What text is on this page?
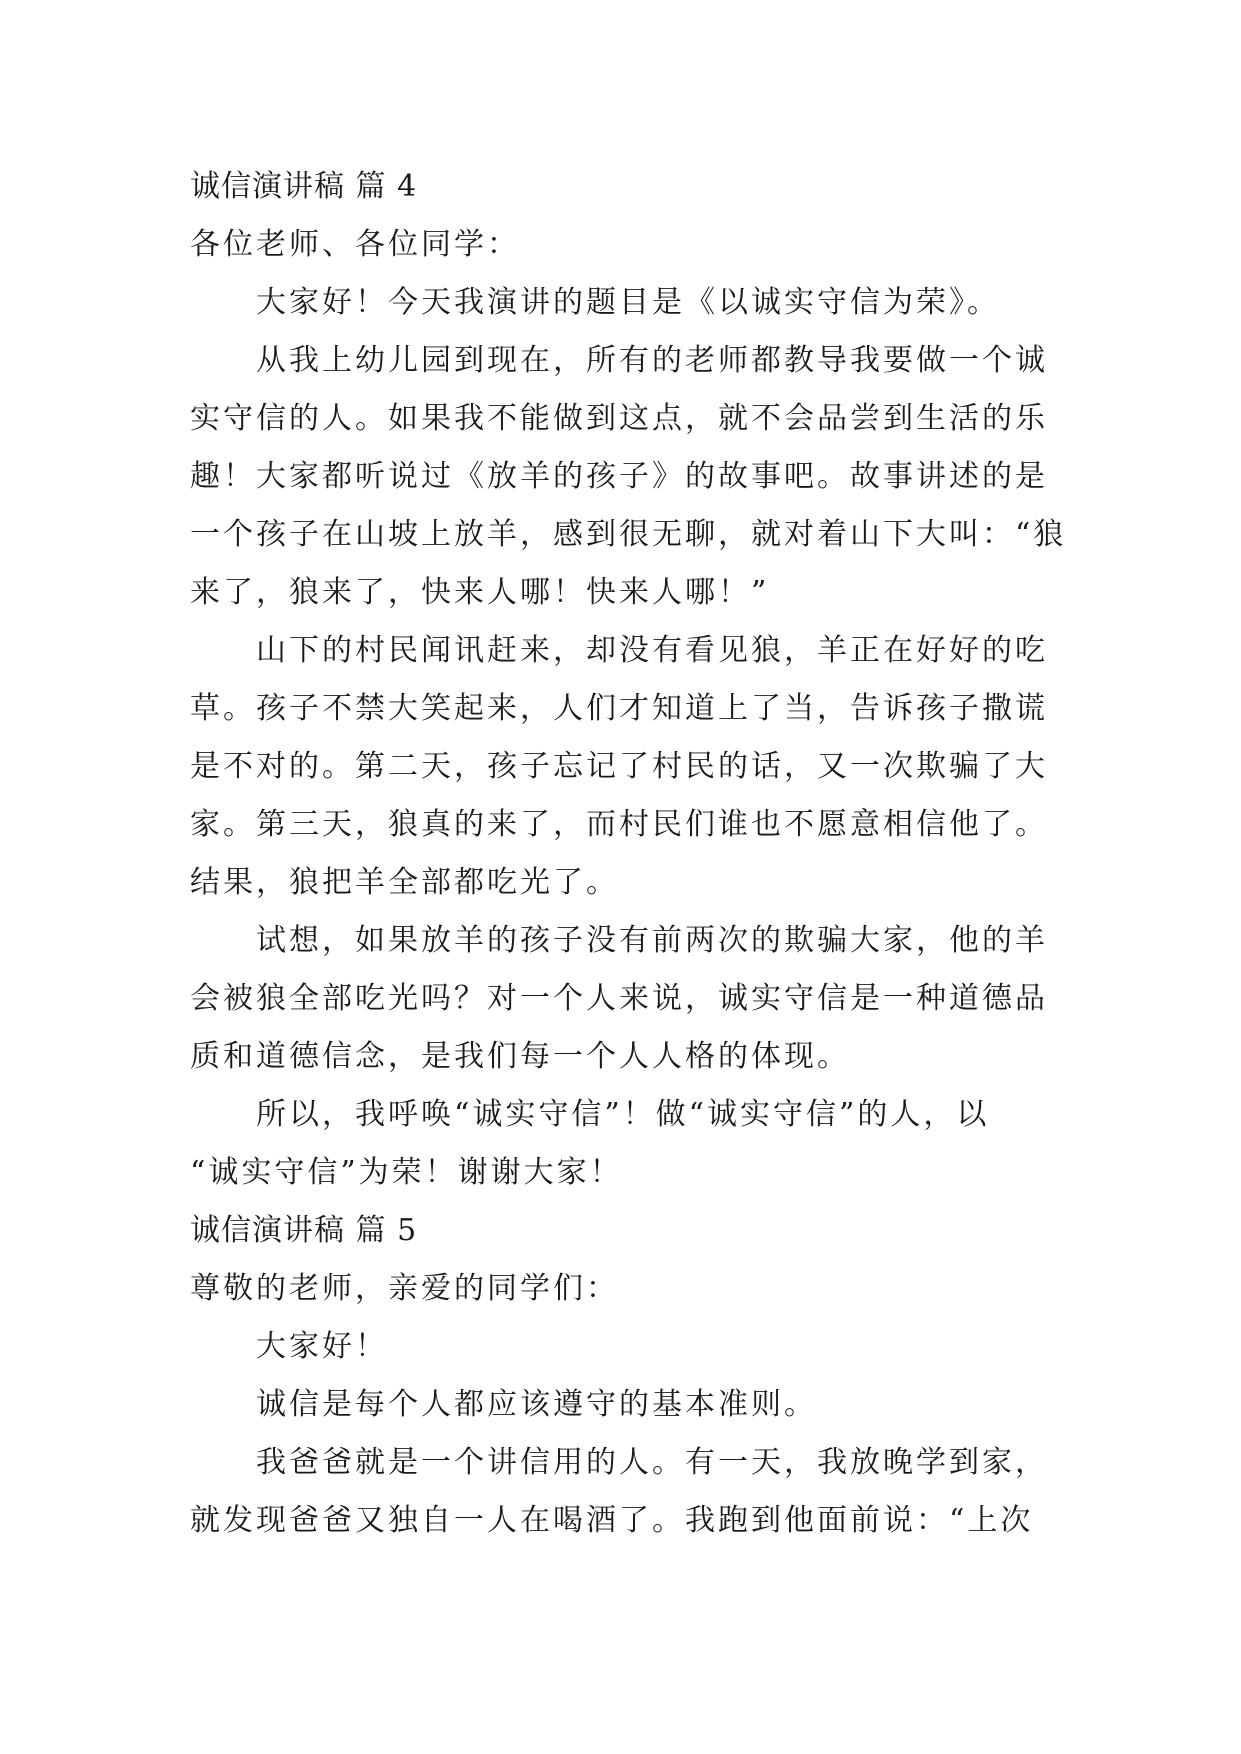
诚信演讲稿 篇 4
各位老师、各位同学：
大家好！今天我演讲的题目是《以诚实守信为荣》。
从我上幼儿园到现在，所有的老师都教导我要做一个诚
实守信的人。如果我不能做到这点，就不会品尝到生活的乐
趣！大家都听说过《放羊的孩子》的故事吧。故事讲述的是
一个孩子在山坡上放羊，感到很无聊，就对着山下大叫：“狼
来了，狼来了，快来人哪！快来人哪！”
山下的村民闻讯赶来，却没有看见狼，羊正在好好的吃
草。孩子不禁大笑起来，人们才知道上了当，告诉孩子撒谎
是不对的。第二天，孩子忘记了村民的话，又一次欺骗了大
家。第三天，狼真的来了，而村民们谁也不愿意相信他了。
结果，狼把羊全部都吃光了。
试想，如果放羊的孩子没有前两次的欺骗大家，他的羊
会被狼全部吃光吗？对一个人来说，诚实守信是一种道德品
质和道德信念，是我们每一个人人格的体现。
所以，我呼唤“诚实守信”！做“诚实守信”的人，以
“诚实守信”为荣！谢谢大家！
诚信演讲稿 篇 5
尊敬的老师，亲爱的同学们：
大家好！
诚信是每个人都应该遵守的基本准则。
我爸爸就是一个讲信用的人。有一天，我放晚学到家，
就发现爸爸又独自一人在喝酒了。我跑到他面前说：“上次
